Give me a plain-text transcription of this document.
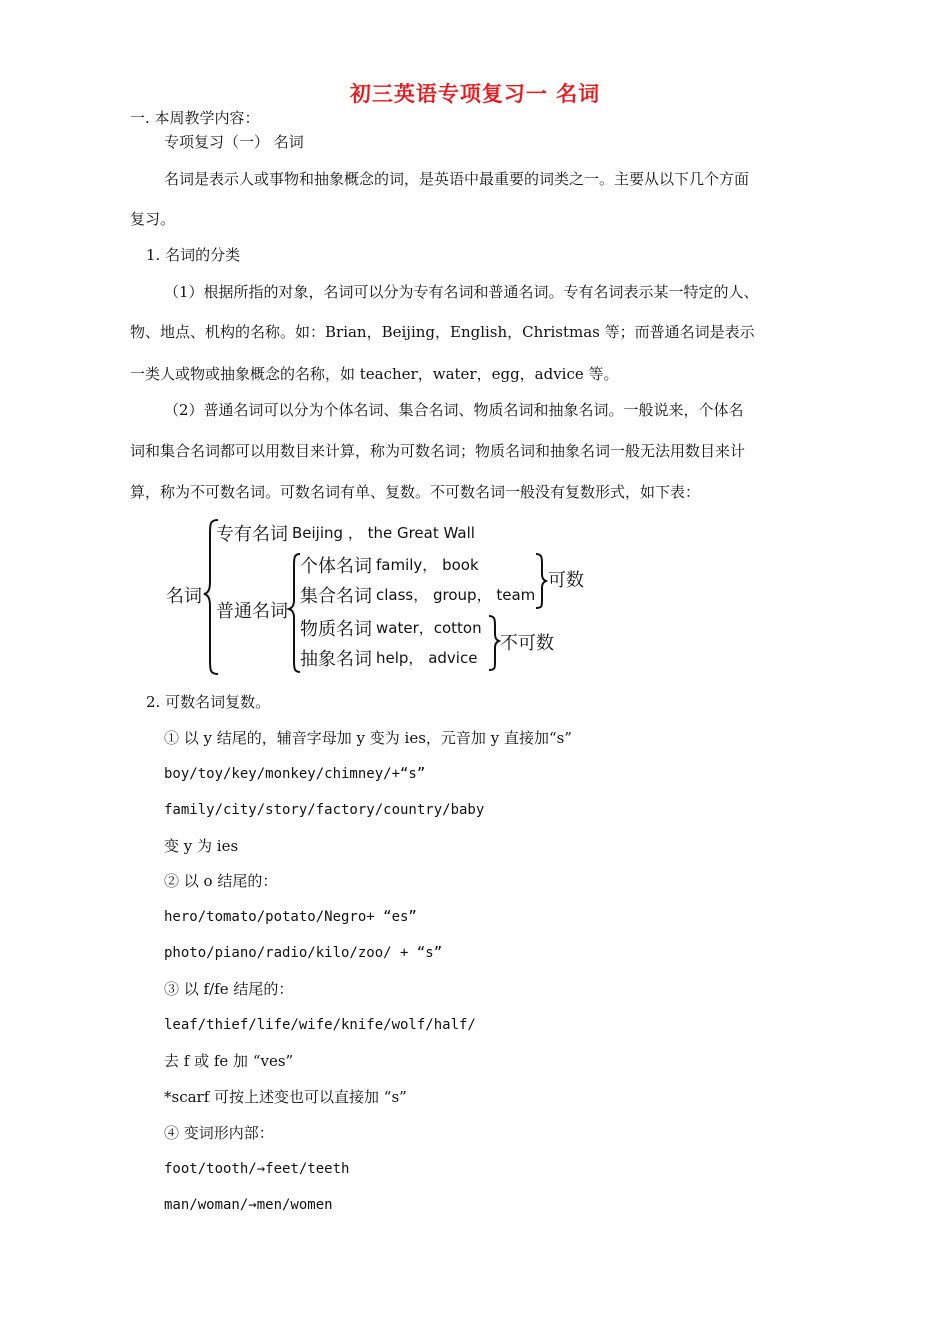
初三英语专项复习一 名词
一. 本周教学内容：
专项复习（一） 名词
名词是表示人或事物和抽象概念的词，是英语中最重要的词类之一。主要从以下几个方面
复习。
1. 名词的分类
（1）根据所指的对象，名词可以分为专有名词和普通名词。专有名词表示某一特定的人、
物、地点、机构的名称。如：Brian，Beijing，English，Christmas 等；而普通名词是表示
一类人或物或抽象概念的名称，如 teacher，water，egg，advice 等。
（2）普通名词可以分为个体名词、集合名词、物质名词和抽象名词。一般说来，个体名
词和集合名词都可以用数目来计算，称为可数名词；物质名词和抽象名词一般无法用数目来计
算，称为不可数名词。可数名词有单、复数。不可数名词一般没有复数形式，如下表：
名词
专有名词 Beijing ， the Great Wall
普通名词
个体名词 family， book
集合名词 class， group， team
可数
物质名词 water，cotton
抽象名词 help， advice
不可数
2. 可数名词复数。
① 以 y 结尾的，辅音字母加 y 变为 ies，元音加 y 直接加“s”
boy/toy/key/monkey/chimney/+“s”
family/city/story/factory/country/baby
变 y 为 ies
② 以 o 结尾的：
hero/tomato/potato/Negro+ “es”
photo/piano/radio/kilo/zoo/ + “s”
③ 以 f/fe 结尾的：
leaf/thief/life/wife/knife/wolf/half/
去 f 或 fe 加 “ves”
*scarf 可按上述变也可以直接加 “s”
④ 变词形内部：
foot/tooth/→feet/teeth
man/woman/→men/women
